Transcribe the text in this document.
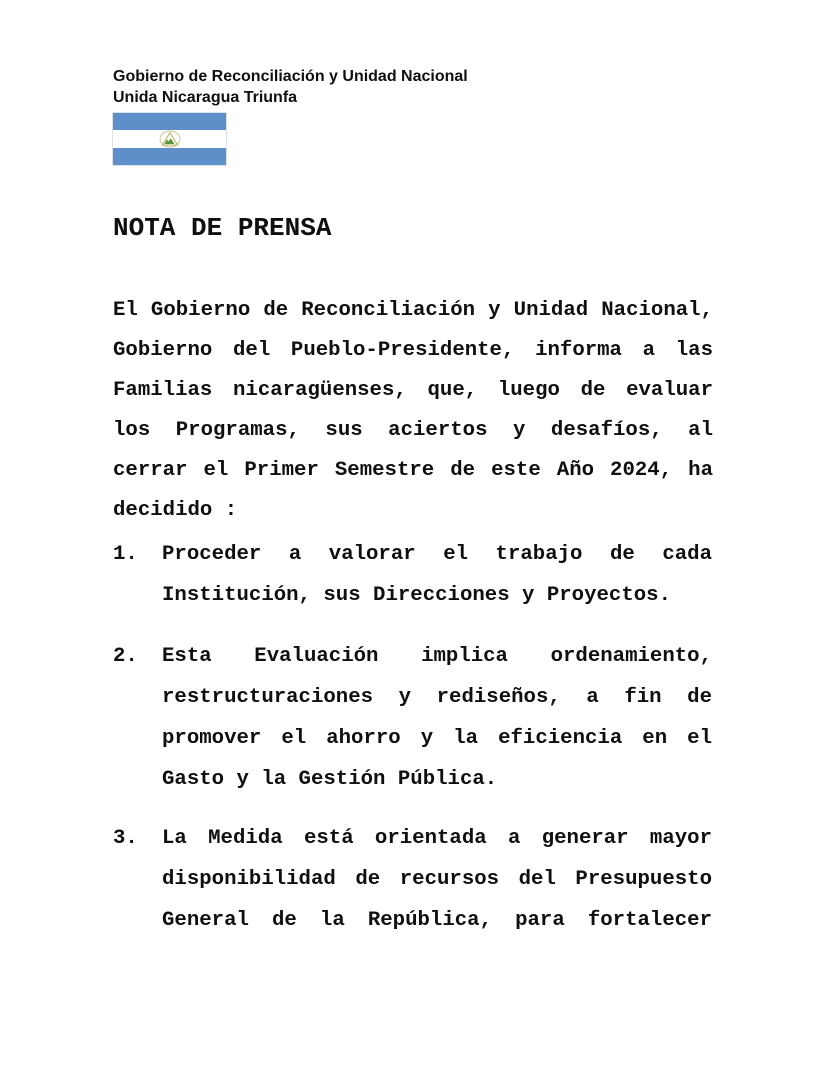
Gobierno de Reconciliación y Unidad Nacional
Unida Nicaragua Triunfa
NOTA DE PRENSA

El Gobierno de Reconciliación y Unidad Nacional, Gobierno del Pueblo-Presidente, informa a las Familias nicaragüenses, que, luego de evaluar los Programas, sus aciertos y desafíos, al cerrar el Primer Semestre de este Año 2024, ha decidido :

1.	Proceder a valorar el trabajo de cada Institución, sus Direcciones y Proyectos.
2.	Esta Evaluación implica ordenamiento, restructuraciones y rediseños, a fin de promover el ahorro y la eficiencia en el Gasto y la Gestión Pública.
3.	La Medida está orientada a generar mayor disponibilidad de recursos del Presupuesto General de la República, para fortalecer
